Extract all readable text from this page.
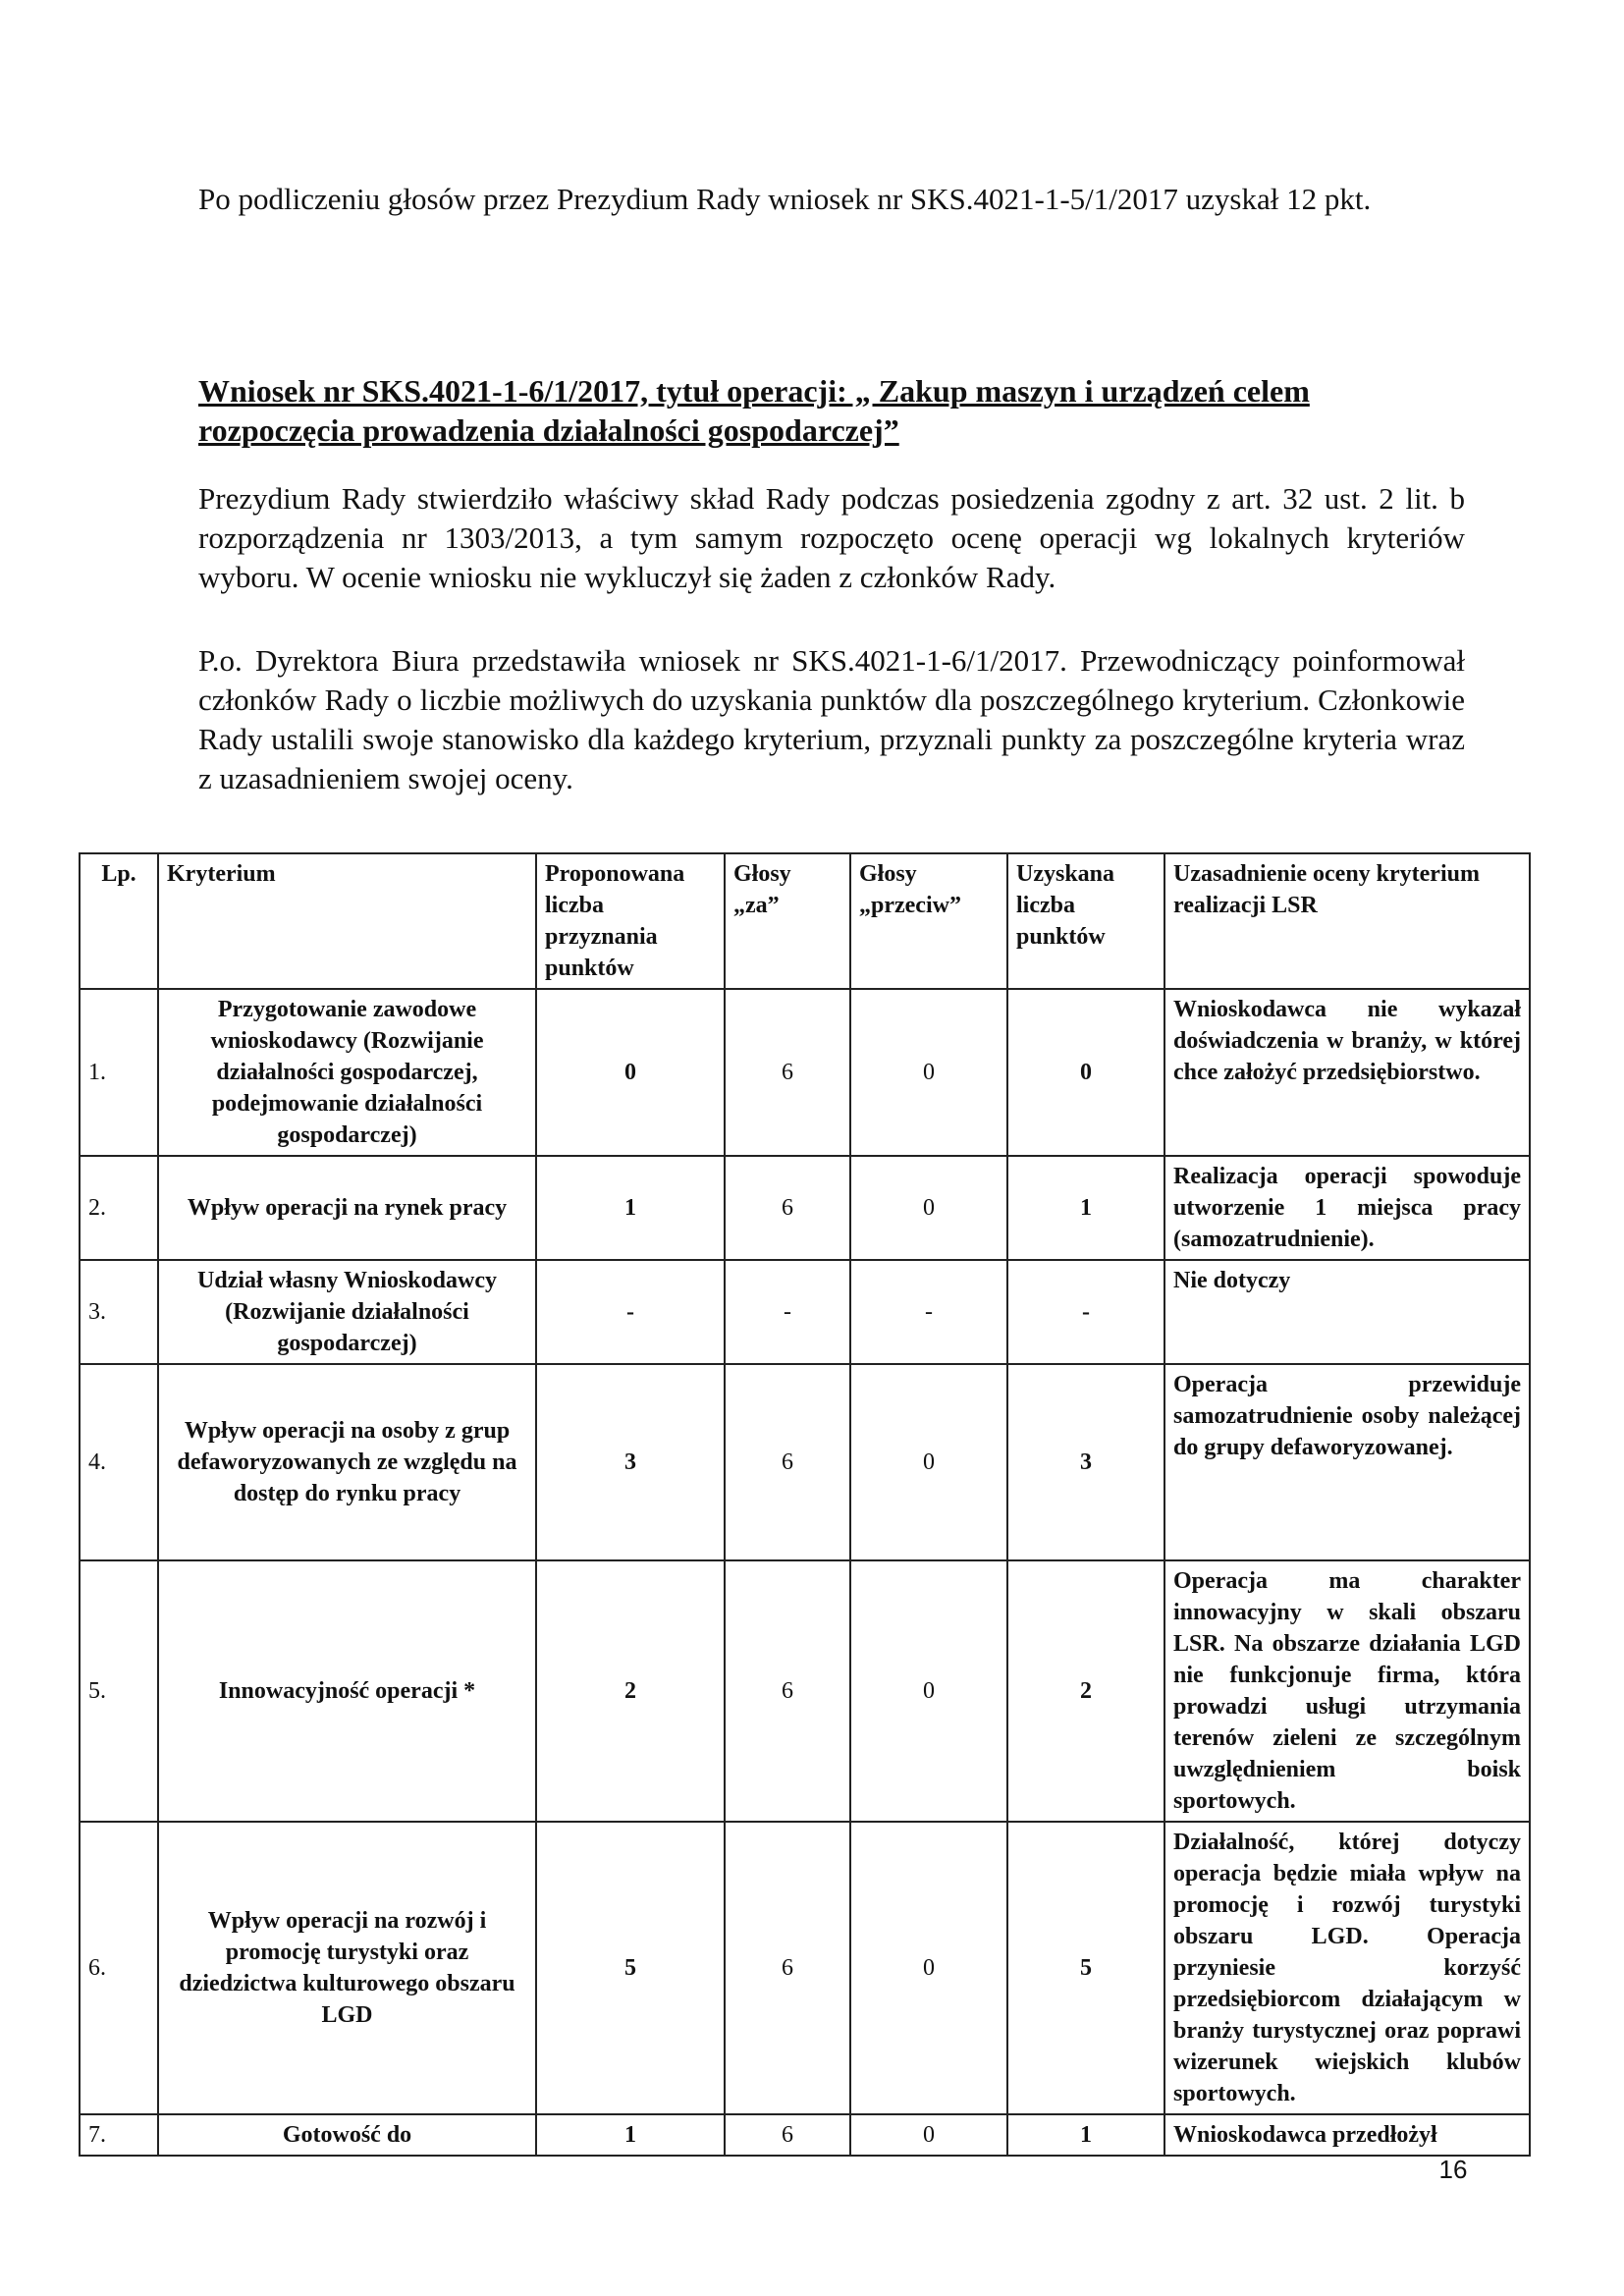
Po podliczeniu głosów przez Prezydium Rady wniosek nr SKS.4021-1-5/1/2017 uzyskał 12 pkt.

Wniosek nr SKS.4021-1-6/1/2017, tytuł operacji: „ Zakup maszyn i urządzeń celem rozpoczęcia prowadzenia działalności gospodarczej”

Prezydium Rady stwierdziło właściwy skład Rady podczas posiedzenia zgodny z art. 32 ust. 2 lit. b rozporządzenia nr 1303/2013, a tym samym rozpoczęto ocenę operacji wg lokalnych kryteriów wyboru. W ocenie wniosku nie wykluczył się żaden z członków Rady.

P.o. Dyrektora Biura przedstawiła wniosek nr SKS.4021-1-6/1/2017. Przewodniczący poinformował członków Rady o liczbie możliwych do uzyskania punktów dla poszczególnego kryterium. Członkowie Rady ustalili swoje stanowisko dla każdego kryterium, przyznali punkty za poszczególne kryteria wraz z uzasadnieniem swojej oceny.

Lp.	Kryterium	Proponowana liczba przyznania punktów	Głosy „za”	Głosy „przeciw”	Uzyskana liczba punktów	Uzasadnienie oceny kryterium realizacji LSR
1.	Przygotowanie zawodowe wnioskodawcy (Rozwijanie działalności gospodarczej, podejmowanie działalności gospodarczej)	0	6	0	0	Wnioskodawca nie wykazał doświadczenia w branży, w której chce założyć przedsiębiorstwo.
2.	Wpływ operacji na rynek pracy	1	6	0	1	Realizacja operacji spowoduje utworzenie 1 miejsca pracy (samozatrudnienie).
3.	Udział własny Wnioskodawcy (Rozwijanie działalności gospodarczej)	-	-	-	-	Nie dotyczy
4.	Wpływ operacji na osoby z grup defaworyzowanych ze względu na dostęp do rynku pracy	3	6	0	3	Operacja przewiduje samozatrudnienie osoby należącej do grupy defaworyzowanej.
5.	Innowacyjność operacji *	2	6	0	2	Operacja ma charakter innowacyjny w skali obszaru LSR. Na obszarze działania LGD nie funkcjonuje firma, która prowadzi usługi utrzymania terenów zieleni ze szczególnym uwzględnieniem boisk sportowych.
6.	Wpływ operacji na rozwój i promocję turystyki oraz dziedzictwa kulturowego obszaru LGD	5	6	0	5	Działalność, której dotyczy operacja będzie miała wpływ na promocję i rozwój turystyki obszaru LGD. Operacja przyniesie korzyść przedsiębiorcom działającym w branży turystycznej oraz poprawi wizerunek wiejskich klubów sportowych.
7.	Gotowość do	1	6	0	1	Wnioskodawca przedłożył
16
